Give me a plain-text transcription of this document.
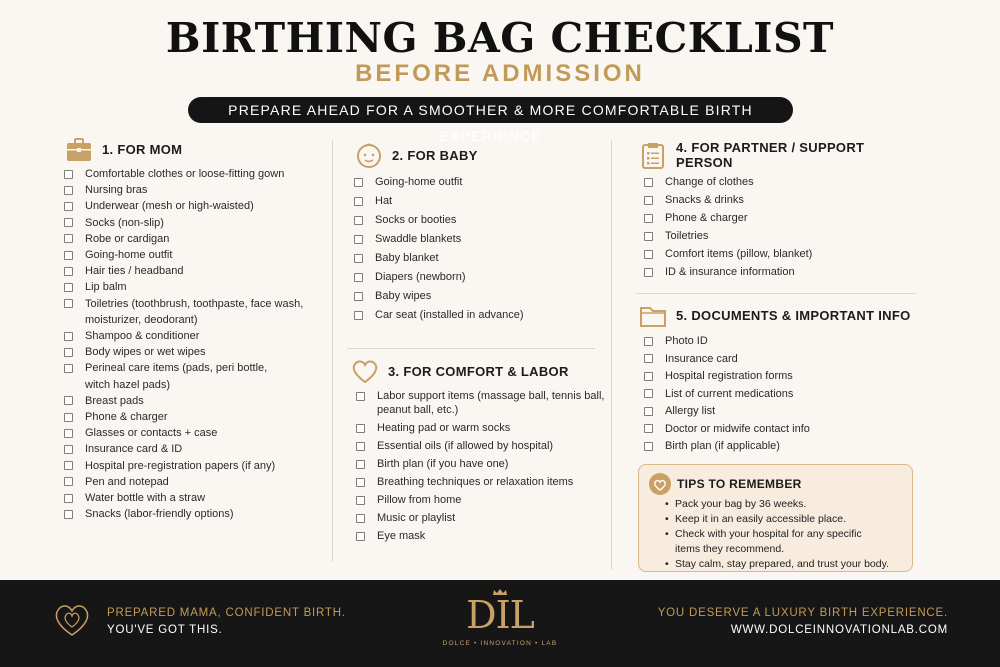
BIRTHING BAG CHECKLIST
BEFORE ADMISSION
PREPARE AHEAD FOR A SMOOTHER & MORE COMFORTABLE BIRTH EXPERIENCE
1. FOR MOM
Comfortable clothes or loose-fitting gown
Nursing bras
Underwear (mesh or high-waisted)
Socks (non-slip)
Robe or cardigan
Going-home outfit
Hair ties / headband
Lip balm
Toiletries (toothbrush, toothpaste, face wash,
moisturizer, deodorant)
Shampoo & conditioner
Body wipes or wet wipes
Perineal care items (pads, peri bottle,
witch hazel pads)
Breast pads
Phone & charger
Glasses or contacts + case
Insurance card & ID
Hospital pre-registration papers (if any)
Pen and notepad
Water bottle with a straw
Snacks (labor-friendly options)
2. FOR BABY
Going-home outfit
Hat
Socks or booties
Swaddle blankets
Baby blanket
Diapers (newborn)
Baby wipes
Car seat (installed in advance)
3. FOR COMFORT & LABOR
Labor support items (massage ball, tennis ball,
peanut ball, etc.)
Heating pad or warm socks
Essential oils (if allowed by hospital)
Birth plan (if you have one)
Breathing techniques or relaxation items
Pillow from home
Music or playlist
Eye mask
4. FOR PARTNER / SUPPORT PERSON
Change of clothes
Snacks & drinks
Phone & charger
Toiletries
Comfort items (pillow, blanket)
ID & insurance information
5. DOCUMENTS & IMPORTANT INFO
Photo ID
Insurance card
Hospital registration forms
List of current medications
Allergy list
Doctor or midwife contact info
Birth plan (if applicable)
TIPS TO REMEMBER
• Pack your bag by 36 weeks.
• Keep it in an easily accessible place.
• Check with your hospital for any specific
items they recommend.
• Stay calm, stay prepared, and trust your body.
PREPARED MAMA, CONFIDENT BIRTH.
YOU'VE GOT THIS.	DIL
DOLCE • INNOVATION • LAB
YOU DESERVE A LUXURY BIRTH EXPERIENCE.
WWW.DOLCEINNOVATIONLAB.COM
